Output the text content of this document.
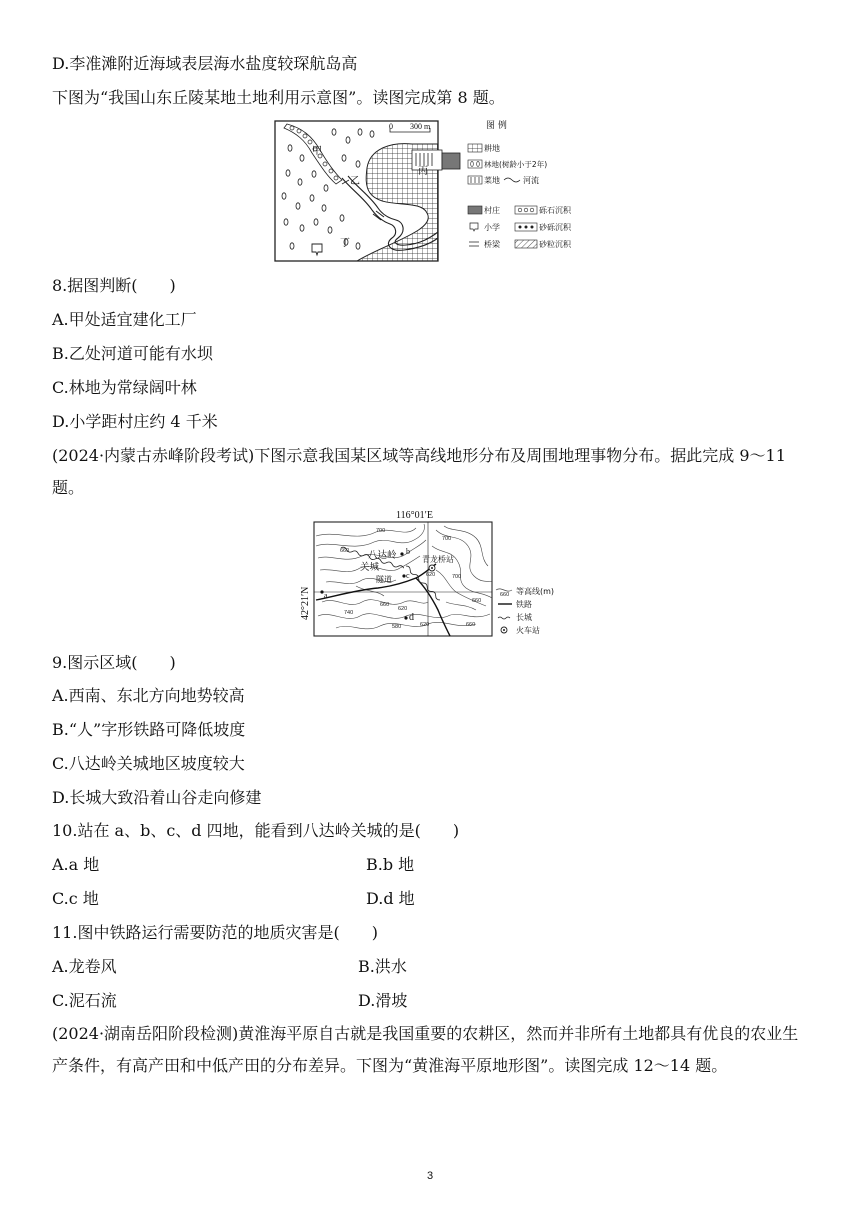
D.李准滩附近海域表层海水盐度较琛航岛高
下图为“我国山东丘陵某地土地利用示意图”。读图完成第 8 题。
0 300 m
甲
乙
丙
丁
图 例
耕地
林地(树龄小于2年)
菜地	河流
村庄	砾石沉积
小学	砂砾沉积
桥梁	砂粒沉积
8.据图判断(　　)
A.甲处适宜建化工厂
B.乙处河道可能有水坝
C.林地为常绿阔叶林
D.小学距村庄约 4 千米
(2024·内蒙古赤峰阶段考试)下图示意我国某区域等高线地形分布及周围地理事物分布。据此完成 9～11 题。
116°01′E
42°21′N
八达岭
关城
隧道
青龙桥站
a
b
c
d
700
660
700
620
660
740
620
700
620	660
580
660
660 等高线(m)
铁路
长城
火车站
9.图示区域(　　)
A.西南、东北方向地势较高
B.“人”字形铁路可降低坡度
C.八达岭关城地区坡度较大
D.长城大致沿着山谷走向修建
10.站在 a、b、c、d 四地，能看到八达岭关城的是(　　)
A.a 地	B.b 地
C.c 地	D.d 地
11.图中铁路运行需要防范的地质灾害是(　　)
A.龙卷风	B.洪水
C.泥石流	D.滑坡
(2024·湖南岳阳阶段检测)黄淮海平原自古就是我国重要的农耕区，然而并非所有土地都具有优良的农业生产条件，有高产田和中低产田的分布差异。下图为“黄淮海平原地形图”。读图完成 12～14 题。
3
